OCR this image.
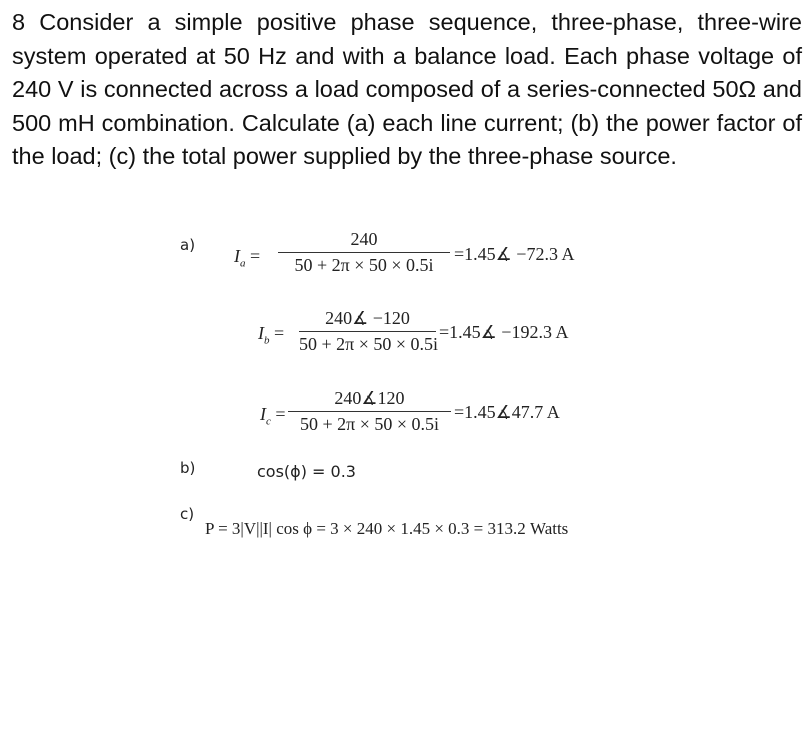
8 Consider a simple positive phase sequence, three-phase, three-wire system operated at 50 Hz and with a balance load. Each phase voltage of 240 V is connected across a load composed of a series-connected 50Ω and 500 mH combination. Calculate (a) each line current; (b) the power factor of the load; (c) the total power supplied by the three-phase source.
a)
$I_a = \frac{240}{50 + 2\pi \times 50 \times 0.5i}$ =1.45∡ −72.3 A
$I_b = \frac{240∡ -120}{50 + 2\pi \times 50 \times 0.5i}$ =1.45∡ −192.3 A
$I_c = \frac{240∡120}{50 + 2\pi \times 50 \times 0.5i}$ =1.45∡47.7 A
b)	cos(ϕ) = 0.3
c)
P = 3|V||I| cos ϕ = 3 × 240 × 1.45 × 0.3 = 313.2 Watts
